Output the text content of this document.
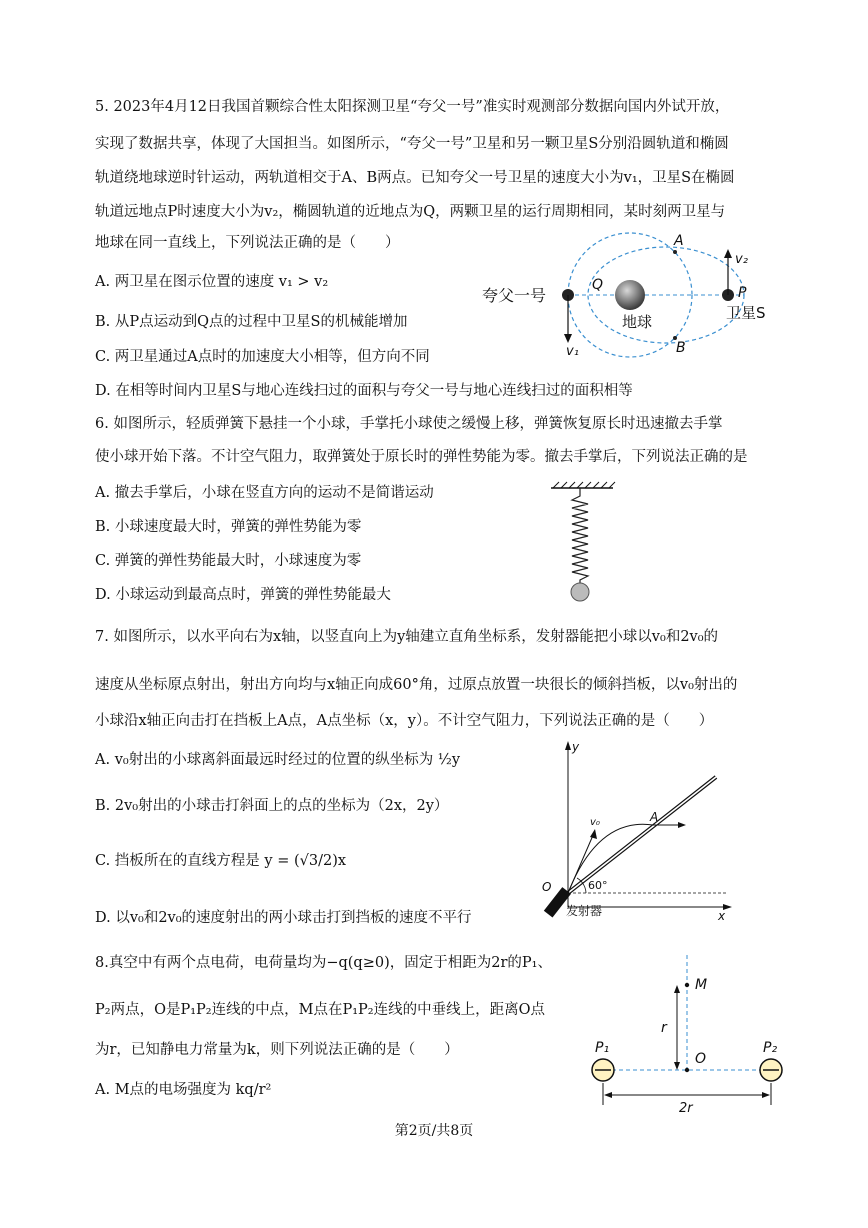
5. 2023年4月12日我国首颗综合性太阳探测卫星“夸父一号”准实时观测部分数据向国内外试开放，
实现了数据共享，体现了大国担当。如图所示，“夸父一号”卫星和另一颗卫星S分别沿圆轨道和椭圆
轨道绕地球逆时针运动，两轨道相交于A、B两点。已知夸父一号卫星的速度大小为v₁，卫星S在椭圆
轨道远地点P时速度大小为v₂，椭圆轨道的近地点为Q，两颗卫星的运行周期相同，某时刻两卫星与
地球在同一直线上，下列说法正确的是（　　）
A. 两卫星在图示位置的速度 v₁ > v₂
B. 从P点运动到Q点的过程中卫星S的机械能增加
C. 两卫星通过A点时的加速度大小相等，但方向不同
D. 在相等时间内卫星S与地心连线扫过的面积与夸父一号与地心连线扫过的面积相等
夸父一号
地球	卫星S
A
B
P
Q
v₁
v₂
6. 如图所示，轻质弹簧下悬挂一个小球，手掌托小球使之缓慢上移，弹簧恢复原长时迅速撤去手掌
使小球开始下落。不计空气阻力，取弹簧处于原长时的弹性势能为零。撤去手掌后，下列说法正确的是
A. 撤去手掌后，小球在竖直方向的运动不是简谐运动
B. 小球速度最大时，弹簧的弹性势能为零
C. 弹簧的弹性势能最大时，小球速度为零
D. 小球运动到最高点时，弹簧的弹性势能最大
7. 如图所示，以水平向右为x轴，以竖直向上为y轴建立直角坐标系，发射器能把小球以v₀和2v₀的
速度从坐标原点射出，射出方向均与x轴正向成60°角，过原点放置一块很长的倾斜挡板，以v₀射出的
小球沿x轴正向击打在挡板上A点，A点坐标（x，y）。不计空气阻力，下列说法正确的是（　　）
A. v₀射出的小球离斜面最远时经过的位置的纵坐标为 ½y
B. 2v₀射出的小球击打斜面上的点的坐标为（2x，2y）
C. 挡板所在的直线方程是 y = (√3/2)x
D. 以v₀和2v₀的速度射出的两小球击打到挡板的速度不平行
y
x
O
A
v₀
60°
发射器
8.真空中有两个点电荷，电荷量均为−q(q≥0)，固定于相距为2r的P₁、
P₂两点，O是P₁P₂连线的中点，M点在P₁P₂连线的中垂线上，距离O点
为r，已知静电力常量为k，则下列说法正确的是（　　）
A. M点的电场强度为 kq/r²
M
r
O
P₁	P₂
2r
第2页/共8页
